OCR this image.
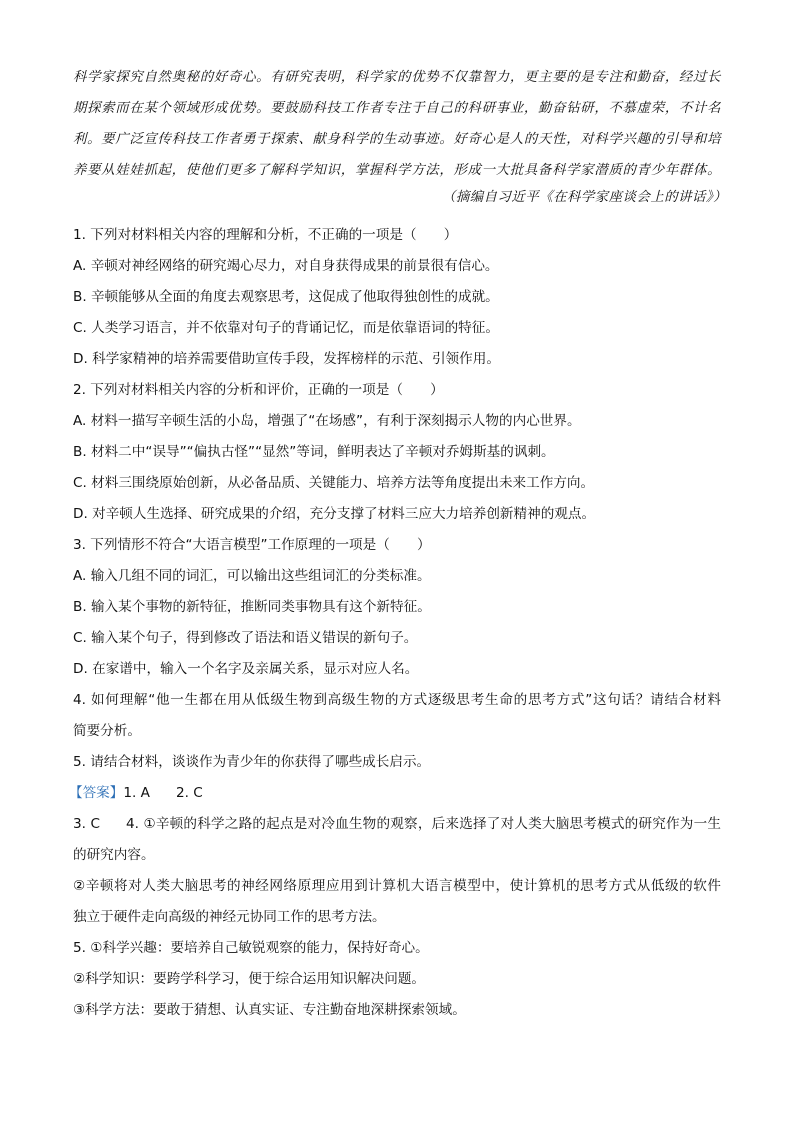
科学家探究自然奥秘的好奇心。有研究表明，科学家的优势不仅靠智力，更主要的是专注和勤奋，经过长
期探索而在某个领域形成优势。要鼓励科技工作者专注于自己的科研事业，勤奋钻研，不慕虚荣，不计名
利。要广泛宣传科技工作者勇于探索、献身科学的生动事迹。好奇心是人的天性，对科学兴趣的引导和培
养要从娃娃抓起，使他们更多了解科学知识，掌握科学方法，形成一大批具备科学家潜质的青少年群体。
（摘编自习近平《在科学家座谈会上的讲话》）
1. 下列对材料相关内容的理解和分析，不正确的一项是（　　）
A. 辛顿对神经网络的研究竭心尽力，对自身获得成果的前景很有信心。
B. 辛顿能够从全面的角度去观察思考，这促成了他取得独创性的成就。
C. 人类学习语言，并不依靠对句子的背诵记忆，而是依靠语词的特征。
D. 科学家精神的培养需要借助宣传手段，发挥榜样的示范、引领作用。
2. 下列对材料相关内容的分析和评价，正确的一项是（　　）
A. 材料一描写辛顿生活的小岛，增强了“在场感”，有利于深刻揭示人物的内心世界。
B. 材料二中“误导”“偏执古怪”“显然”等词，鲜明表达了辛顿对乔姆斯基的讽刺。
C. 材料三围绕原始创新，从必备品质、关键能力、培养方法等角度提出未来工作方向。
D. 对辛顿人生选择、研究成果的介绍，充分支撑了材料三应大力培养创新精神的观点。
3. 下列情形不符合“大语言模型”工作原理的一项是（　　）
A. 输入几组不同的词汇，可以输出这些组词汇的分类标准。
B. 输入某个事物的新特征，推断同类事物具有这个新特征。
C. 输入某个句子，得到修改了语法和语义错误的新句子。
D. 在家谱中，输入一个名字及亲属关系，显示对应人名。
4. 如何理解“他一生都在用从低级生物到高级生物的方式逐级思考生命的思考方式”这句话？请结合材料
简要分析。
5. 请结合材料，谈谈作为青少年的你获得了哪些成长启示。
【答案】1. A 2. C
3. C 4. ①辛顿的科学之路的起点是对冷血生物的观察，后来选择了对人类大脑思考模式的研究作为一生
的研究内容。
②辛顿将对人类大脑思考的神经网络原理应用到计算机大语言模型中，使计算机的思考方式从低级的软件
独立于硬件走向高级的神经元协同工作的思考方法。
5. ①科学兴趣：要培养自己敏锐观察的能力，保持好奇心。
②科学知识：要跨学科学习，便于综合运用知识解决问题。
③科学方法：要敢于猜想、认真实证、专注勤奋地深耕探索领域。
